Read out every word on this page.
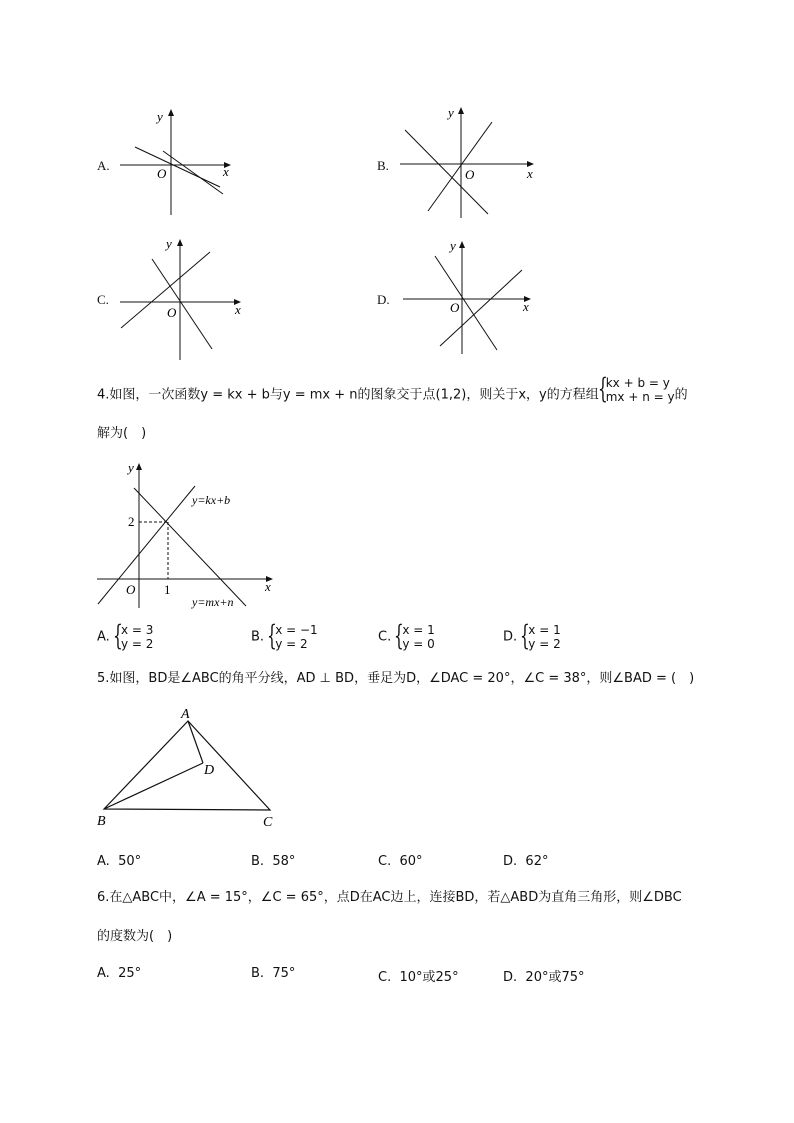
A.
y
x
O
B.
y
x
O
C.
y
x
O
D.
y
x
O
4.如图，一次函数y = kx + b与y = mx + n的图象交于点(1,2)，则关于x，y的方程组
{ kx + b = y
mx + n = y 的
解为(　)
y
x
O
2
1
y=kx+b
y=mx+n
A. { x = 3
y = 2	B. { x = −1
y = 2	C. { x = 1
y = 0	D. { x = 1
y = 2
5.如图，BD是∠ABC的角平分线，AD ⊥ BD，垂足为D，∠DAC = 20°，∠C = 38°，则∠BAD = (　)
A
B	C
D
A. 50°	B. 58°	C. 60°	D. 62°
6.在△ABC中，∠A = 15°，∠C = 65°，点D在AC边上，连接BD，若△ABD为直角三角形，则∠DBC
的度数为(　)
A. 25°	B. 75°	C. 10°或25°	D. 20°或75°
